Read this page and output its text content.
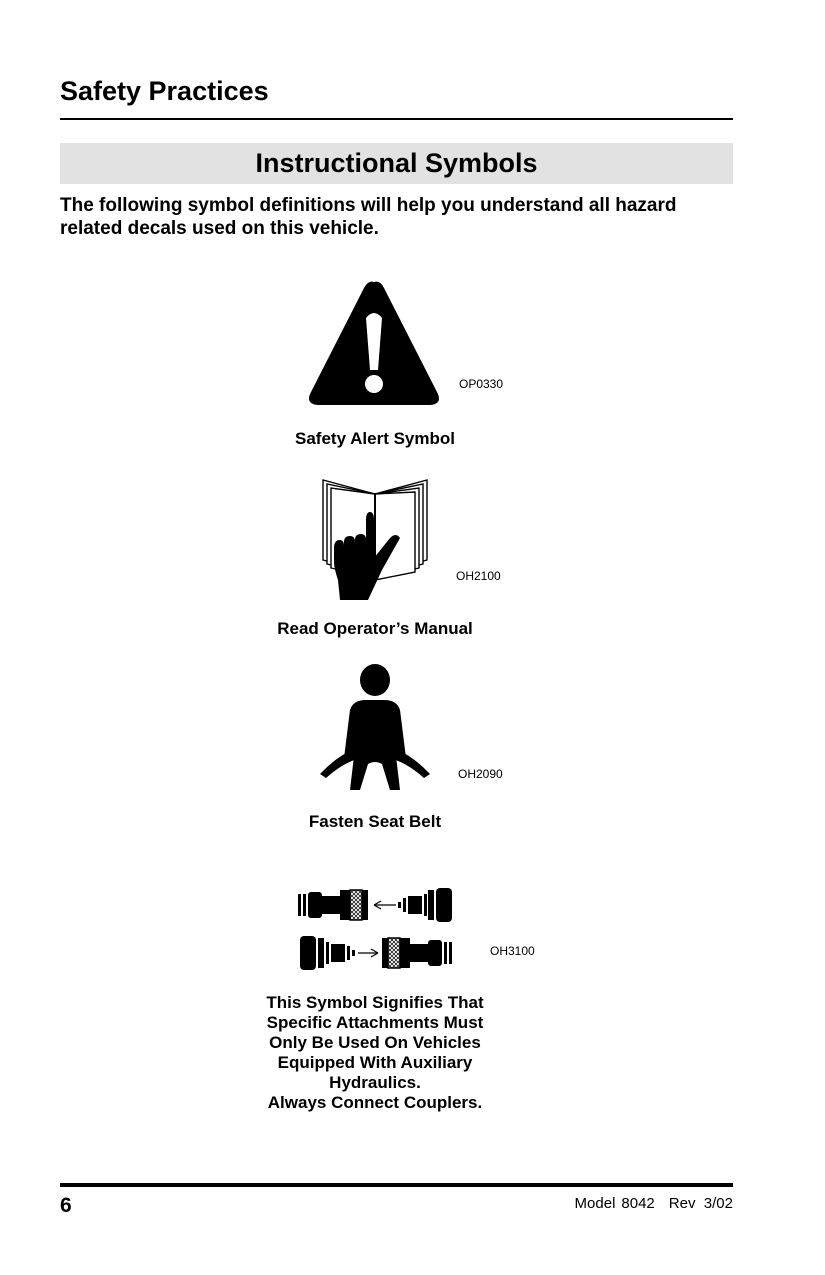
Safety Practices
Instructional Symbols
The following symbol definitions will help you understand all hazard related decals used on this vehicle.
OP0330
Safety Alert Symbol
OH2100
Read Operator’s Manual
OH2090
Fasten Seat Belt
OH3100
This Symbol Signifies That
Specific Attachments Must
Only Be Used On Vehicles
Equipped With Auxiliary
Hydraulics.
Always Connect Couplers.
6	Model 8042 Rev  3/02
